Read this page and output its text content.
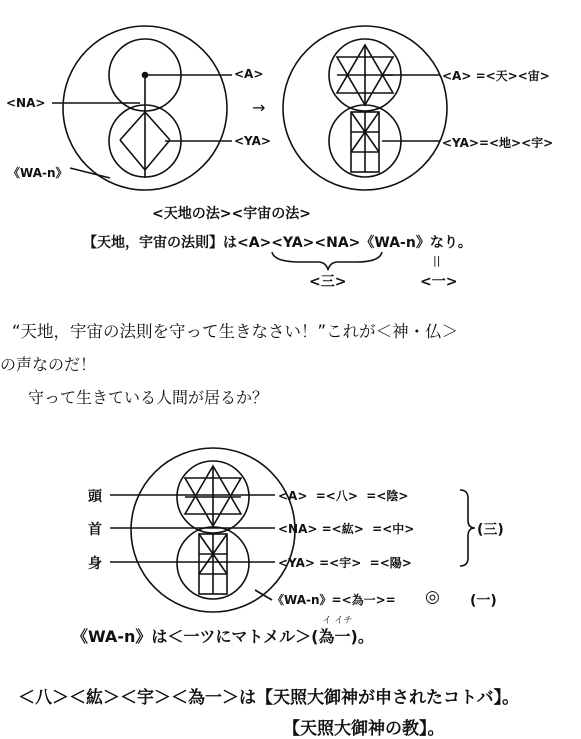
<A>
<NA>
<YA>
《WA-n》
→
<A> =<天><宙>
<YA>=<地><宇>
<天地の法><宇宙の法>
【天地，宇宙の法則】は<A><YA><NA>《WA-n》なり。
<三>
||
<一>
“天地，宇宙の法則を守って生きなさい！”これが＜神・仏＞
の声なのだ！
守って生きている人間が居るか？
頭
首
身
<A>  =<八>  =<陰>
<NA> =<紘>  =<中>
<YA> =<宇>  =<陽>
(三)
《WA-n》=<為一>= ◎ (一)
《WA-n》は＜一ツにマトメル＞(
イ イチ
為一)。
＜八＞＜紘＞＜宇＞＜為一＞は【天照大御神が申されたコトバ】。
【天照大御神の教】。
